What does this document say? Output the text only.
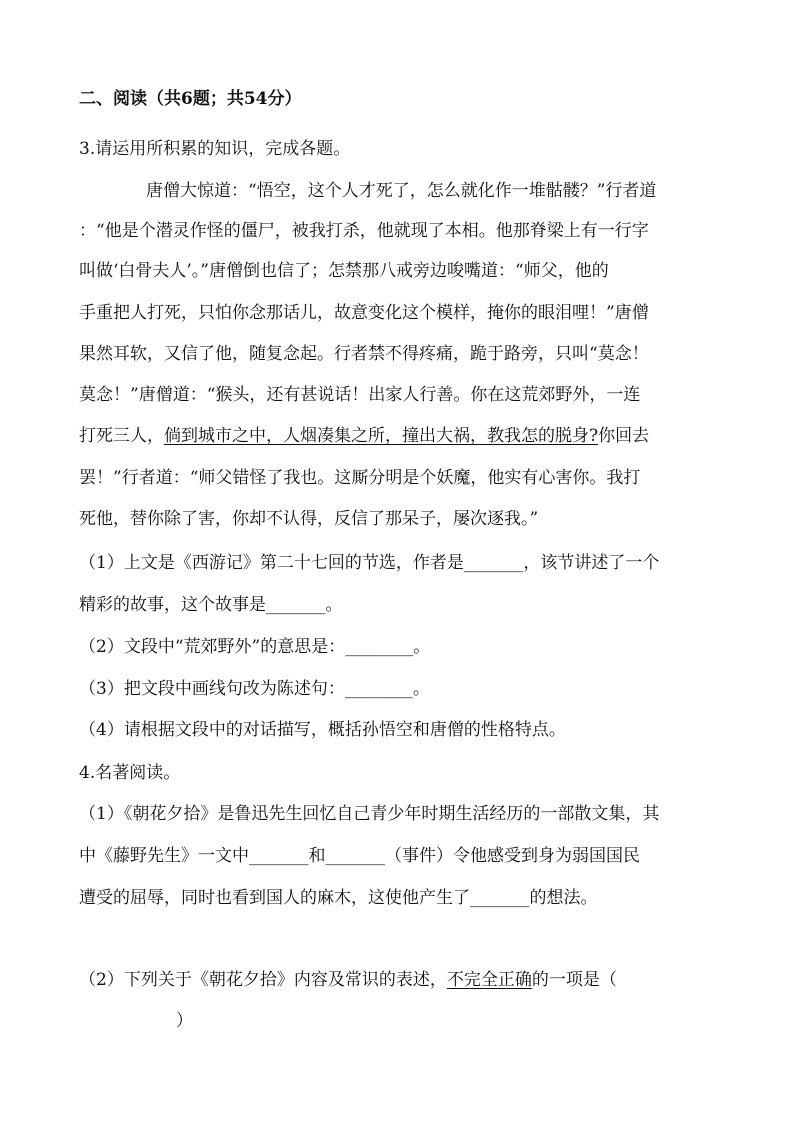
二、阅读（共6题；共54分）
3.请运用所积累的知识，完成各题。
唐僧大惊道：“悟空，这个人才死了，怎么就化作一堆骷髅？”行者道
：“他是个潜灵作怪的僵尸，被我打杀，他就现了本相。他那脊梁上有一行字
叫做‘白骨夫人’。”唐僧倒也信了；怎禁那八戒旁边唆嘴道：“师父，他的
手重把人打死，只怕你念那话儿，故意变化这个模样，掩你的眼泪哩！”唐僧
果然耳软，又信了他，随复念起。行者禁不得疼痛，跪于路旁，只叫“莫念！
莫念！”唐僧道：“猴头，还有甚说话！出家人行善。你在这荒郊野外，一连
打死三人，倘到城市之中，人烟凑集之所，撞出大祸，教我怎的脱身?你回去
罢！”行者道：“师父错怪了我也。这厮分明是个妖魔，他实有心害你。我打
死他，替你除了害，你却不认得，反信了那呆子，屡次逐我。”
（1）上文是《西游记》第二十七回的节选，作者是_______，该节讲述了一个
精彩的故事，这个故事是_______。
（2）文段中“荒郊野外”的意思是：________。
（3）把文段中画线句改为陈述句：________。
（4）请根据文段中的对话描写，概括孙悟空和唐僧的性格特点。
4.名著阅读。
（1）《朝花夕拾》是鲁迅先生回忆自己青少年时期生活经历的一部散文集，其
中《藤野先生》一文中_______和_______（事件）令他感受到身为弱国国民
遭受的屈辱，同时也看到国人的麻木，这使他产生了_______的想法。
（2）下列关于《朝花夕拾》内容及常识的表述，不完全正确的一项是（
）
